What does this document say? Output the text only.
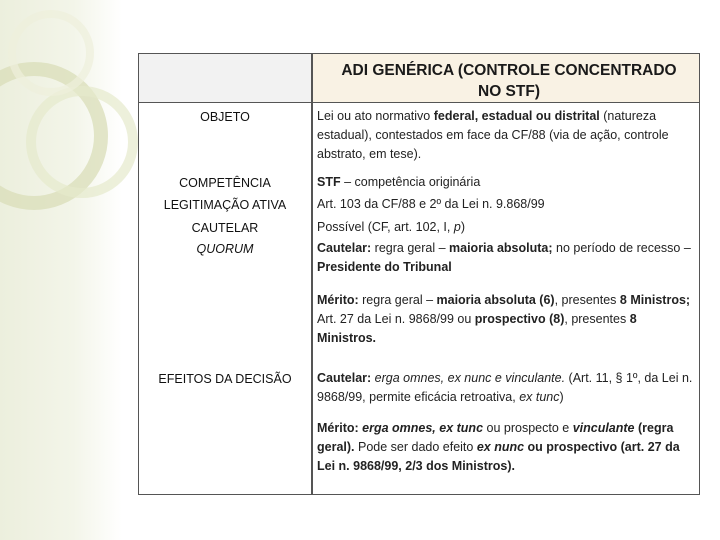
ADI GENÉRICA (CONTROLE CONCENTRADO NO STF)
OBJETO	Lei ou ato normativo federal, estadual ou distrital (natureza estadual), contestados em face da CF/88 (via de ação, controle abstrato, em tese).
COMPETÊNCIA	STF – competência originária
LEGITIMAÇÃO ATIVA	Art. 103 da CF/88 e 2º da Lei n. 9.868/99
CAUTELAR	Possível (CF, art. 102, I, p)
QUORUM	Cautelar: regra geral – maioria absoluta; no período de recesso – Presidente do Tribunal
Mérito: regra geral – maioria absoluta (6), presentes 8 Ministros; Art. 27 da Lei n. 9868/99 ou prospectivo (8), presentes 8 Ministros.
EFEITOS DA DECISÃO	Cautelar: erga omnes, ex nunc e vinculante. (Art. 11, § 1º, da Lei n. 9868/99, permite eficácia retroativa, ex tunc)
Mérito: erga omnes, ex tunc ou prospecto e vinculante (regra geral). Pode ser dado efeito ex nunc ou prospectivo (art. 27 da Lei n. 9868/99, 2/3 dos Ministros).
